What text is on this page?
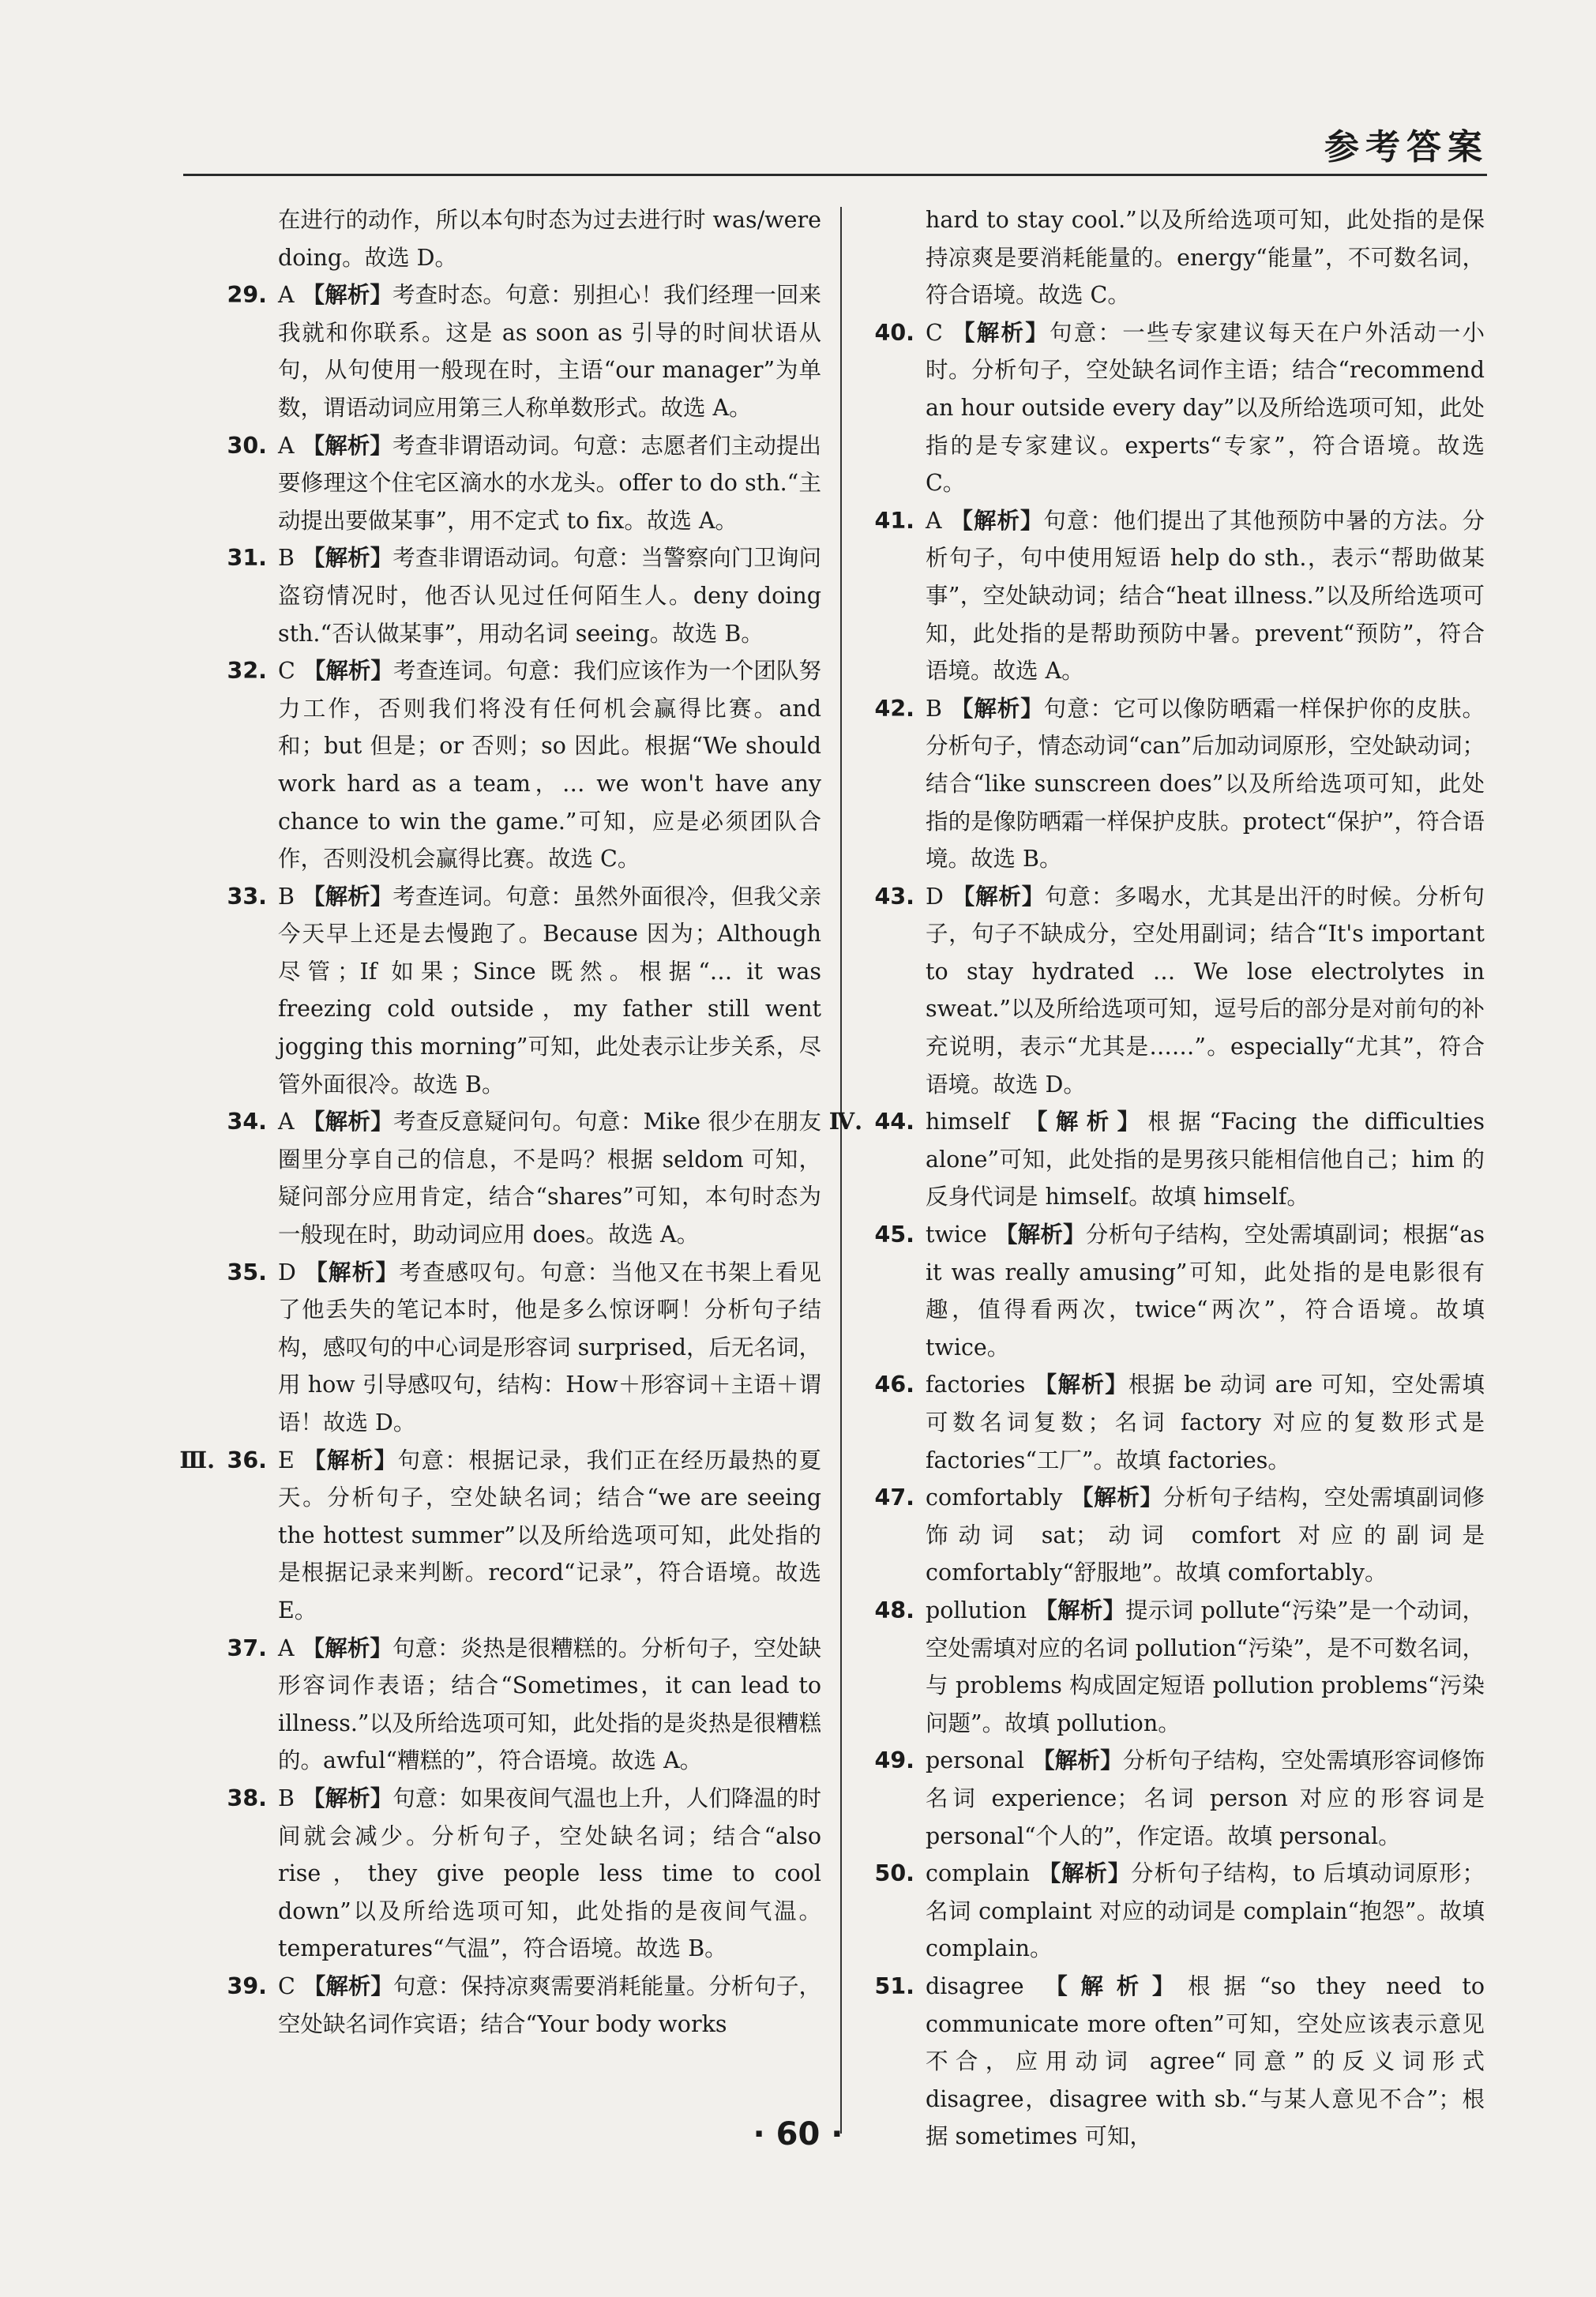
参考答案
在进行的动作，所以本句时态为过去进行时 was/were doing。故选 D。
29. A 【解析】考查时态。句意：别担心！我们经理一回来我就和你联系。这是 as soon as 引导的时间状语从句，从句使用一般现在时，主语“our manager”为单数，谓语动词应用第三人称单数形式。故选 A。
30. A 【解析】考查非谓语动词。句意：志愿者们主动提出要修理这个住宅区滴水的水龙头。offer to do sth.“主动提出要做某事”，用不定式 to fix。故选 A。
31. B 【解析】考查非谓语动词。句意：当警察向门卫询问盗窃情况时，他否认见过任何陌生人。deny doing sth.“否认做某事”，用动名词 seeing。故选 B。
32. C 【解析】考查连词。句意：我们应该作为一个团队努力工作，否则我们将没有任何机会赢得比赛。and 和；but 但是；or 否则；so 因此。根据“We should work hard as a team，… we won't have any chance to win the game.”可知，应是必须团队合作，否则没机会赢得比赛。故选 C。
33. B 【解析】考查连词。句意：虽然外面很冷，但我父亲今天早上还是去慢跑了。Because 因为；Although 尽管；If 如果；Since 既然。根据“… it was freezing cold outside，my father still went jogging this morning”可知，此处表示让步关系，尽管外面很冷。故选 B。
34. A 【解析】考查反意疑问句。句意：Mike 很少在朋友圈里分享自己的信息，不是吗？根据 seldom 可知，疑问部分应用肯定，结合“shares”可知，本句时态为一般现在时，助动词应用 does。故选 A。
35. D 【解析】考查感叹句。句意：当他又在书架上看见了他丢失的笔记本时，他是多么惊讶啊！分析句子结构，感叹句的中心词是形容词 surprised，后无名词，用 how 引导感叹句，结构：How＋形容词＋主语＋谓语！故选 D。
Ⅲ. 36. E 【解析】句意：根据记录，我们正在经历最热的夏天。分析句子，空处缺名词；结合“we are seeing the hottest summer”以及所给选项可知，此处指的是根据记录来判断。record“记录”，符合语境。故选 E。
37. A 【解析】句意：炎热是很糟糕的。分析句子，空处缺形容词作表语；结合“Sometimes，it can lead to illness.”以及所给选项可知，此处指的是炎热是很糟糕的。awful“糟糕的”，符合语境。故选 A。
38. B 【解析】句意：如果夜间气温也上升，人们降温的时间就会减少。分析句子，空处缺名词；结合“also rise，they give people less time to cool down”以及所给选项可知，此处指的是夜间气温。temperatures“气温”，符合语境。故选 B。
39. C 【解析】句意：保持凉爽需要消耗能量。分析句子，空处缺名词作宾语；结合“Your body works
hard to stay cool.”以及所给选项可知，此处指的是保持凉爽是要消耗能量的。energy“能量”，不可数名词，符合语境。故选 C。
40. C 【解析】句意：一些专家建议每天在户外活动一小时。分析句子，空处缺名词作主语；结合“recommend an hour outside every day”以及所给选项可知，此处指的是专家建议。experts“专家”，符合语境。故选 C。
41. A 【解析】句意：他们提出了其他预防中暑的方法。分析句子，句中使用短语 help do sth.，表示“帮助做某事”，空处缺动词；结合“heat illness.”以及所给选项可知，此处指的是帮助预防中暑。prevent“预防”，符合语境。故选 A。
42. B 【解析】句意：它可以像防晒霜一样保护你的皮肤。分析句子，情态动词“can”后加动词原形，空处缺动词；结合“like sunscreen does”以及所给选项可知，此处指的是像防晒霜一样保护皮肤。protect“保护”，符合语境。故选 B。
43. D 【解析】句意：多喝水，尤其是出汗的时候。分析句子，句子不缺成分，空处用副词；结合“It's important to stay hydrated … We lose electrolytes in sweat.”以及所给选项可知，逗号后的部分是对前句的补充说明，表示“尤其是……”。especially“尤其”，符合语境。故选 D。
Ⅳ. 44. himself 【解析】根据“Facing the difficulties alone”可知，此处指的是男孩只能相信他自己；him 的反身代词是 himself。故填 himself。
45. twice 【解析】分析句子结构，空处需填副词；根据“as it was really amusing”可知，此处指的是电影很有趣，值得看两次，twice“两次”，符合语境。故填 twice。
46. factories 【解析】根据 be 动词 are 可知，空处需填可数名词复数；名词 factory 对应的复数形式是 factories“工厂”。故填 factories。
47. comfortably 【解析】分析句子结构，空处需填副词修饰动词 sat；动词 comfort 对应的副词是 comfortably“舒服地”。故填 comfortably。
48. pollution 【解析】提示词 pollute“污染”是一个动词，空处需填对应的名词 pollution“污染”，是不可数名词，与 problems 构成固定短语 pollution problems“污染问题”。故填 pollution。
49. personal 【解析】分析句子结构，空处需填形容词修饰名词 experience；名词 person 对应的形容词是 personal“个人的”，作定语。故填 personal。
50. complain 【解析】分析句子结构，to 后填动词原形；名词 complaint 对应的动词是 complain“抱怨”。故填 complain。
51. disagree 【解析】根据“so they need to communicate more often”可知，空处应该表示意见不合，应用动词 agree“同意”的反义词形式 disagree，disagree with sb.“与某人意见不合”；根据 sometimes 可知，
· 60 ·
